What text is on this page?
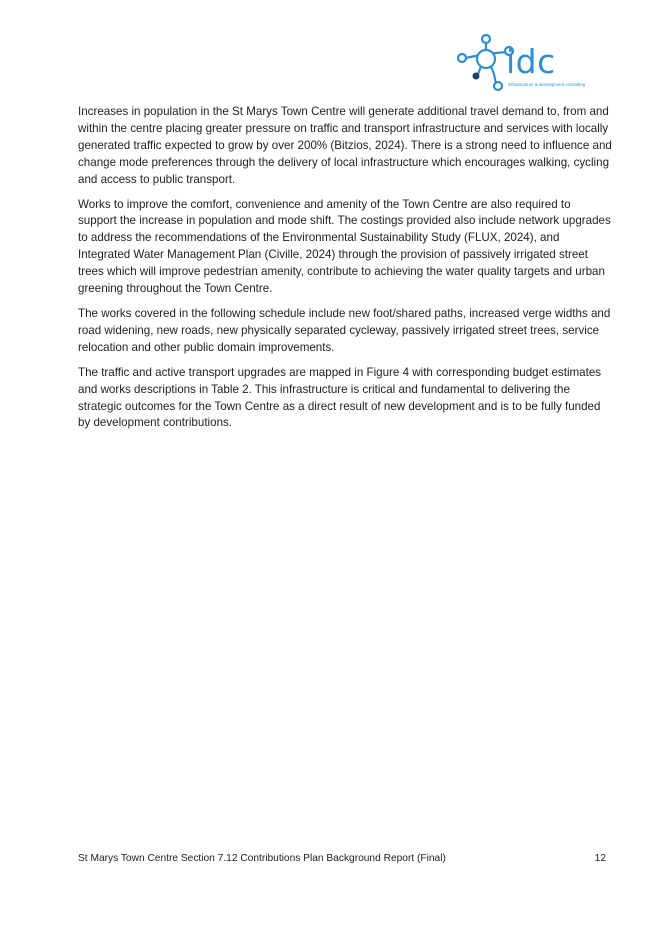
idc
infrastructure & development consulting

Increases in population in the St Marys Town Centre will generate additional travel demand to, from and within the centre placing greater pressure on traffic and transport infrastructure and services with locally generated traffic expected to grow by over 200% (Bitzios, 2024). There is a strong need to influence and change mode preferences through the delivery of local infrastructure which encourages walking, cycling and access to public transport.

Works to improve the comfort, convenience and amenity of the Town Centre are also required to support the increase in population and mode shift. The costings provided also include network upgrades to address the recommendations of the Environmental Sustainability Study (FLUX, 2024), and Integrated Water Management Plan (Civille, 2024) through the provision of passively irrigated street trees which will improve pedestrian amenity, contribute to achieving the water quality targets and urban greening throughout the Town Centre.

The works covered in the following schedule include new foot/shared paths, increased verge widths and road widening, new roads, new physically separated cycleway, passively irrigated street trees, service relocation and other public domain improvements.

The traffic and active transport upgrades are mapped in Figure 4 with corresponding budget estimates and works descriptions in Table 2. This infrastructure is critical and fundamental to delivering the strategic outcomes for the Town Centre as a direct result of new development and is to be fully funded by development contributions.

St Marys Town Centre Section 7.12 Contributions Plan Background Report (Final)	12
